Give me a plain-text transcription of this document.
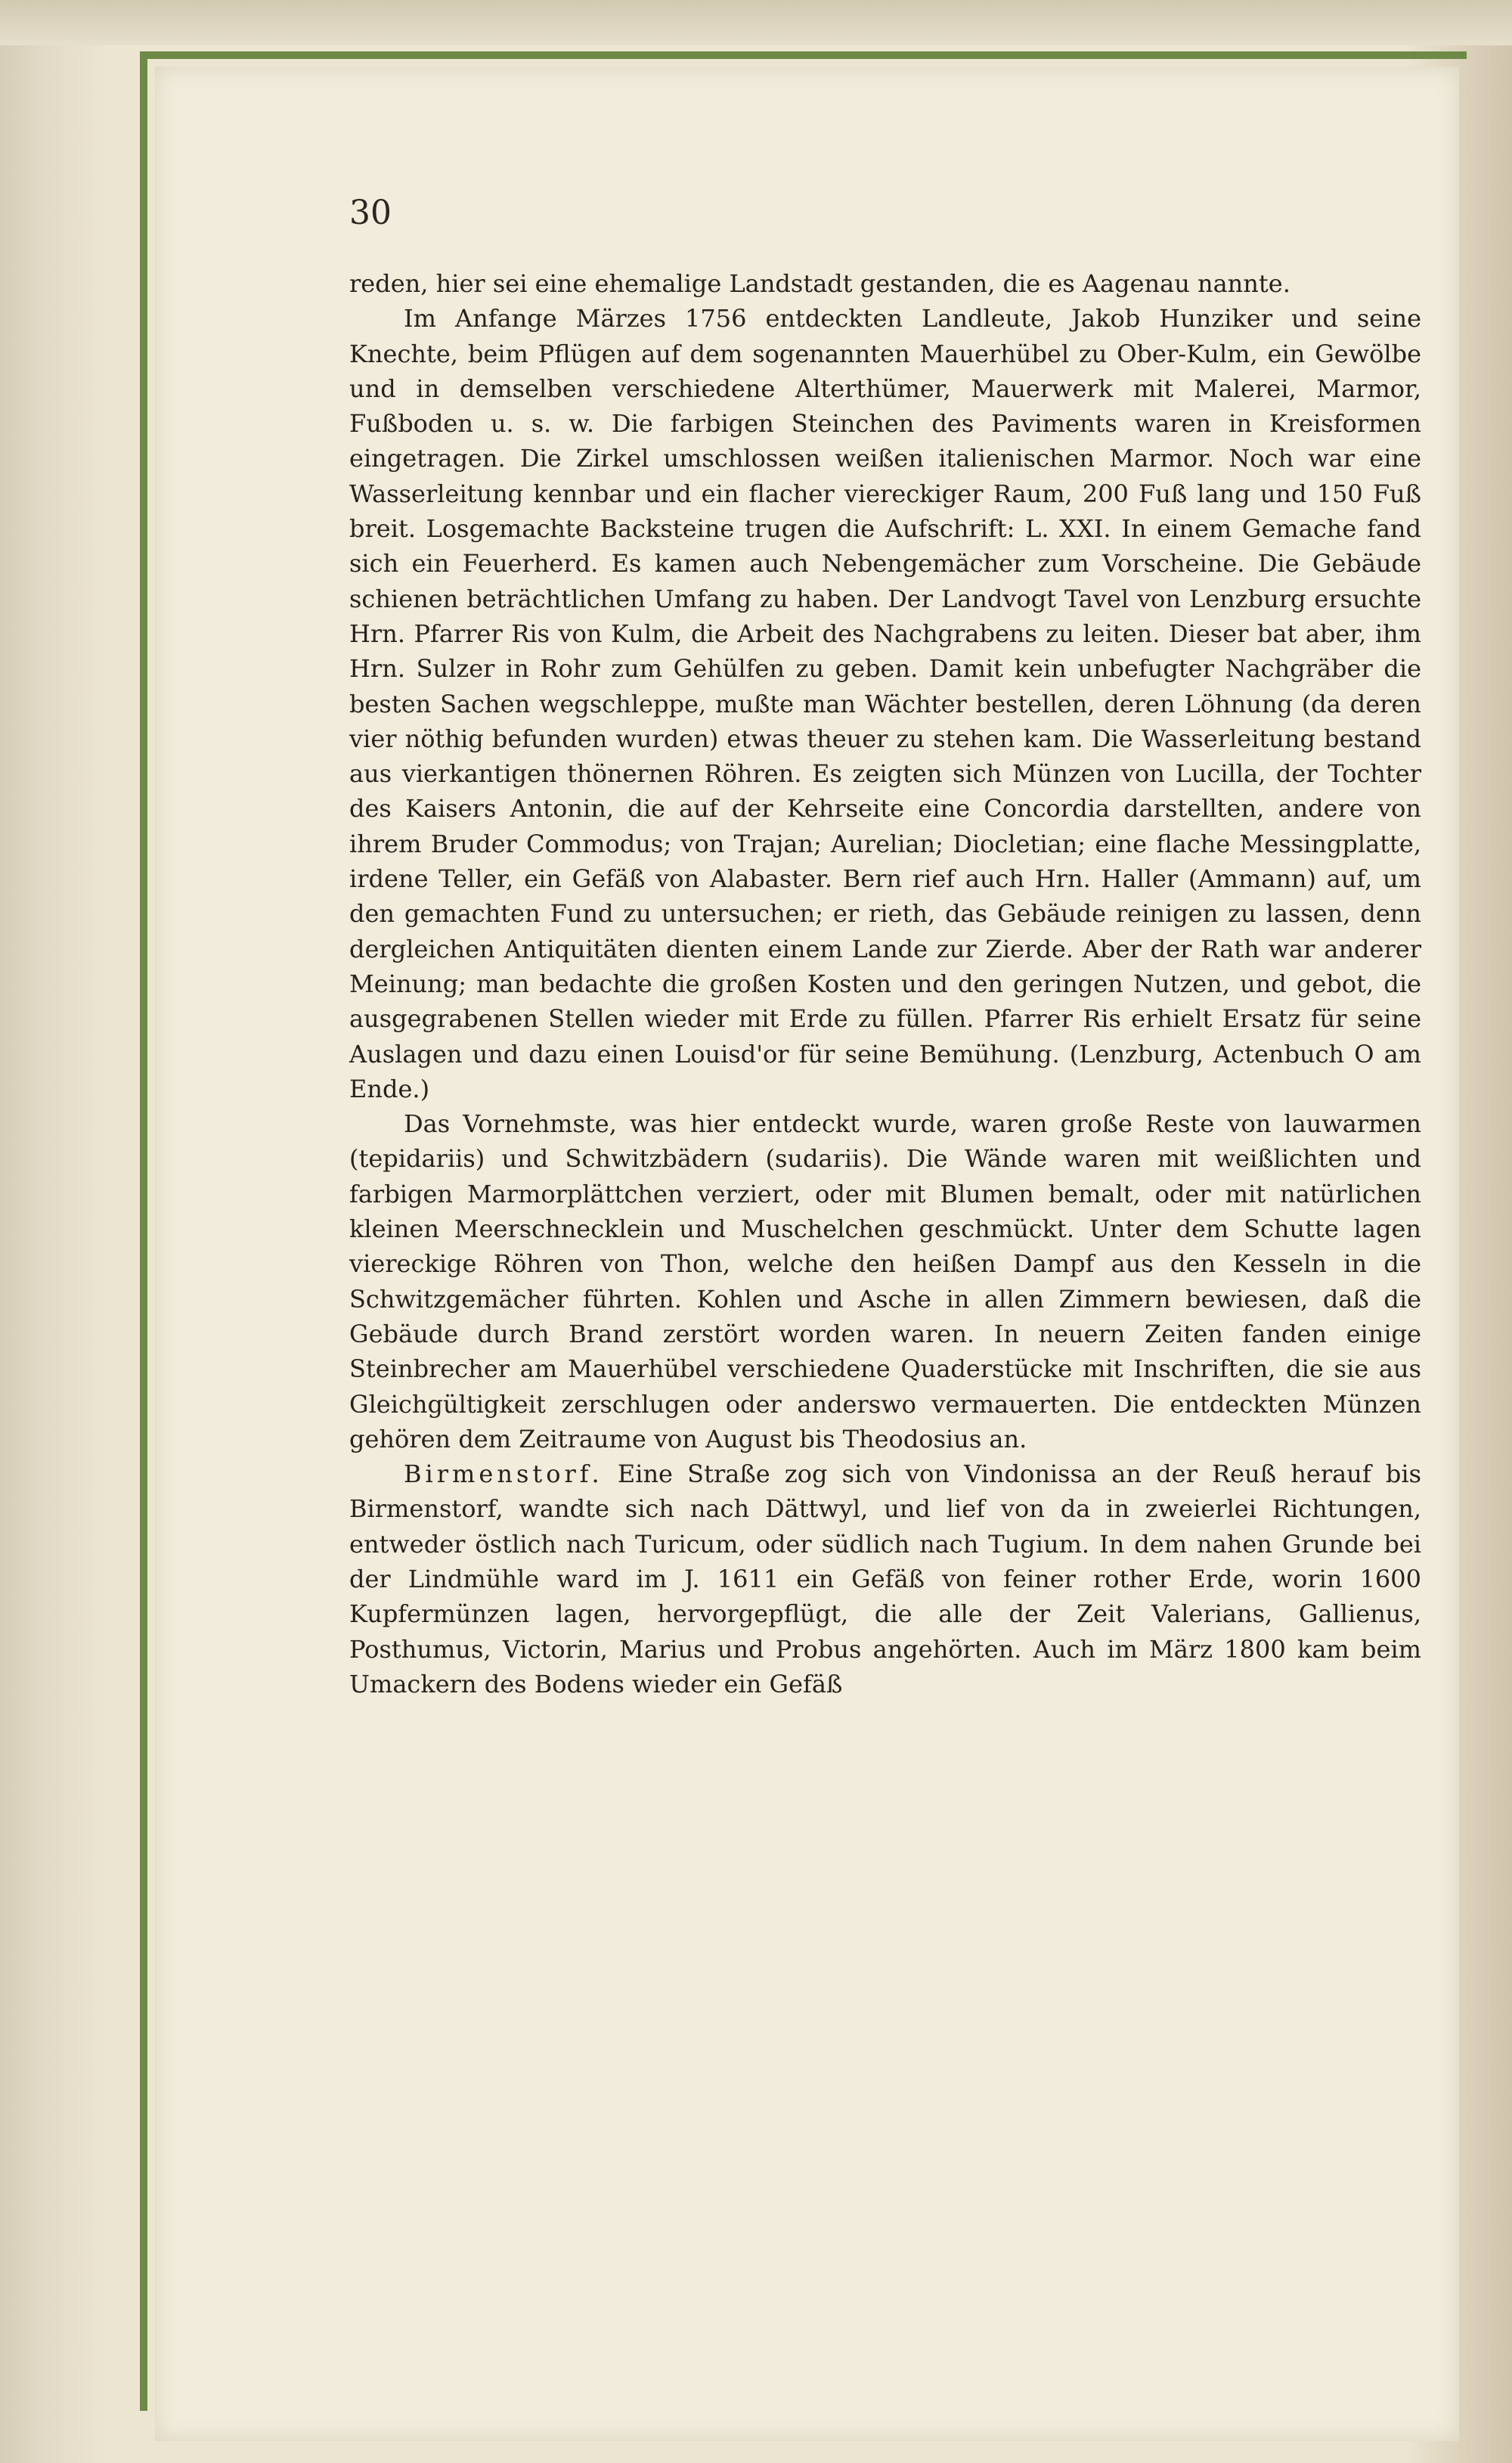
30

reden, hier sei eine ehemalige Landstadt gestanden, die es Aagenau nannte.

Im Anfange Märzes 1756 entdeckten Landleute, Jakob Hunziker und seine Knechte, beim Pflügen auf dem sogenannten Mauerhübel zu Ober-Kulm, ein Gewölbe und in demselben verschiedene Alterthümer, Mauerwerk mit Malerei, Marmor, Fußboden u. s. w. Die farbigen Steinchen des Paviments waren in Kreisformen eingetragen. Die Zirkel umschlossen weißen italienischen Marmor. Noch war eine Wasserleitung kennbar und ein flacher viereckiger Raum, 200 Fuß lang und 150 Fuß breit. Losgemachte Backsteine trugen die Aufschrift: L. XXI. In einem Gemache fand sich ein Feuerherd. Es kamen auch Nebengemächer zum Vorscheine. Die Gebäude schienen beträchtlichen Umfang zu haben. Der Landvogt Tavel von Lenzburg ersuchte Hrn. Pfarrer Ris von Kulm, die Arbeit des Nachgrabens zu leiten. Dieser bat aber, ihm Hrn. Sulzer in Rohr zum Gehülfen zu geben. Damit kein unbefugter Nachgräber die besten Sachen wegschleppe, mußte man Wächter bestellen, deren Löhnung (da deren vier nöthig befunden wurden) etwas theuer zu stehen kam. Die Wasserleitung bestand aus vierkantigen thönernen Röhren. Es zeigten sich Münzen von Lucilla, der Tochter des Kaisers Antonin, die auf der Kehrseite eine Concordia darstellten, andere von ihrem Bruder Commodus; von Trajan; Aurelian; Diocletian; eine flache Messingplatte, irdene Teller, ein Gefäß von Alabaster. Bern rief auch Hrn. Haller (Ammann) auf, um den gemachten Fund zu untersuchen; er rieth, das Gebäude reinigen zu lassen, denn dergleichen Antiquitäten dienten einem Lande zur Zierde. Aber der Rath war anderer Meinung; man bedachte die großen Kosten und den geringen Nutzen, und gebot, die ausgegrabenen Stellen wieder mit Erde zu füllen. Pfarrer Ris erhielt Ersatz für seine Auslagen und dazu einen Louisd'or für seine Bemühung. (Lenzburg, Actenbuch O am Ende.)

Das Vornehmste, was hier entdeckt wurde, waren große Reste von lauwarmen (tepidariis) und Schwitzbädern (sudariis). Die Wände waren mit weißlichten und farbigen Marmorplättchen verziert, oder mit Blumen bemalt, oder mit natürlichen kleinen Meerschnecklein und Muschelchen geschmückt. Unter dem Schutte lagen viereckige Röhren von Thon, welche den heißen Dampf aus den Kesseln in die Schwitzgemächer führten. Kohlen und Asche in allen Zimmern bewiesen, daß die Gebäude durch Brand zerstört worden waren. In neuern Zeiten fanden einige Steinbrecher am Mauerhübel verschiedene Quaderstücke mit Inschriften, die sie aus Gleichgültigkeit zerschlugen oder anderswo vermauerten. Die entdeckten Münzen gehören dem Zeitraume von August bis Theodosius an.

Birmenstorf. Eine Straße zog sich von Vindonissa an der Reuß herauf bis Birmenstorf, wandte sich nach Dättwyl, und lief von da in zweierlei Richtungen, entweder östlich nach Turicum, oder südlich nach Tugium. In dem nahen Grunde bei der Lindmühle ward im J. 1611 ein Gefäß von feiner rother Erde, worin 1600 Kupfermünzen lagen, hervorgepflügt, die alle der Zeit Valerians, Gallienus, Posthumus, Victorin, Marius und Probus angehörten. Auch im März 1800 kam beim Umackern des Bodens wieder ein Gefäß
